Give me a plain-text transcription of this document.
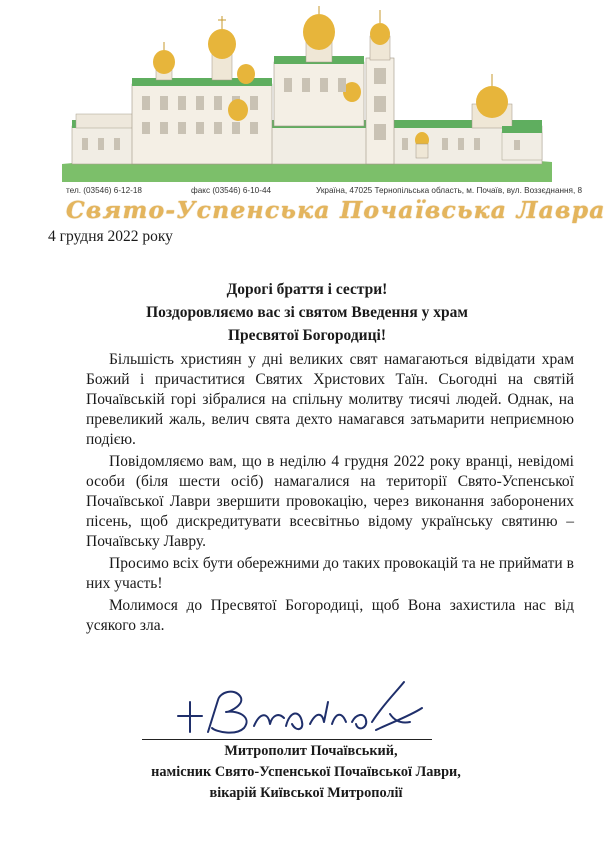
тел. (03546) 6-12-18	факс (03546) 6-10-44	Україна, 47025 Тернопільська область, м. Почаїв, вул. Воззєднання, 8
Свято-Успенська Почаївська Лавра
4 грудня 2022 року
Дорогі браття і сестри!
Поздоровляємо вас зі святом Введення у храм
Пресвятої Богородиці!

Більшість християн у дні великих свят намагаються відвідати храм Божий і причаститися Святих Христових Таїн. Сьогодні на святій Почаївській горі зібралися на спільну молитву тисячі людей. Однак, на превеликий жаль, велич свята дехто намагався затьмарити неприємною подією.

Повідомляємо вам, що в неділю 4 грудня 2022 року вранці, невідомі особи (біля шести осіб) намагалися на території Свято-Успенської Почаївської Лаври звершити провокацію, через виконання заборонених пісень, щоб дискредитувати всесвітньо відому українську святиню – Почаївську Лавру.

Просимо всіх бути обережними до таких провокацій та не приймати в них участь!

Молимося до Пресвятої Богородиці, щоб Вона захистила нас від усякого зла.

Митрополит Почаївський,
намісник Свято-Успенської Почаївської Лаври,
вікарій Київської Митрополії
